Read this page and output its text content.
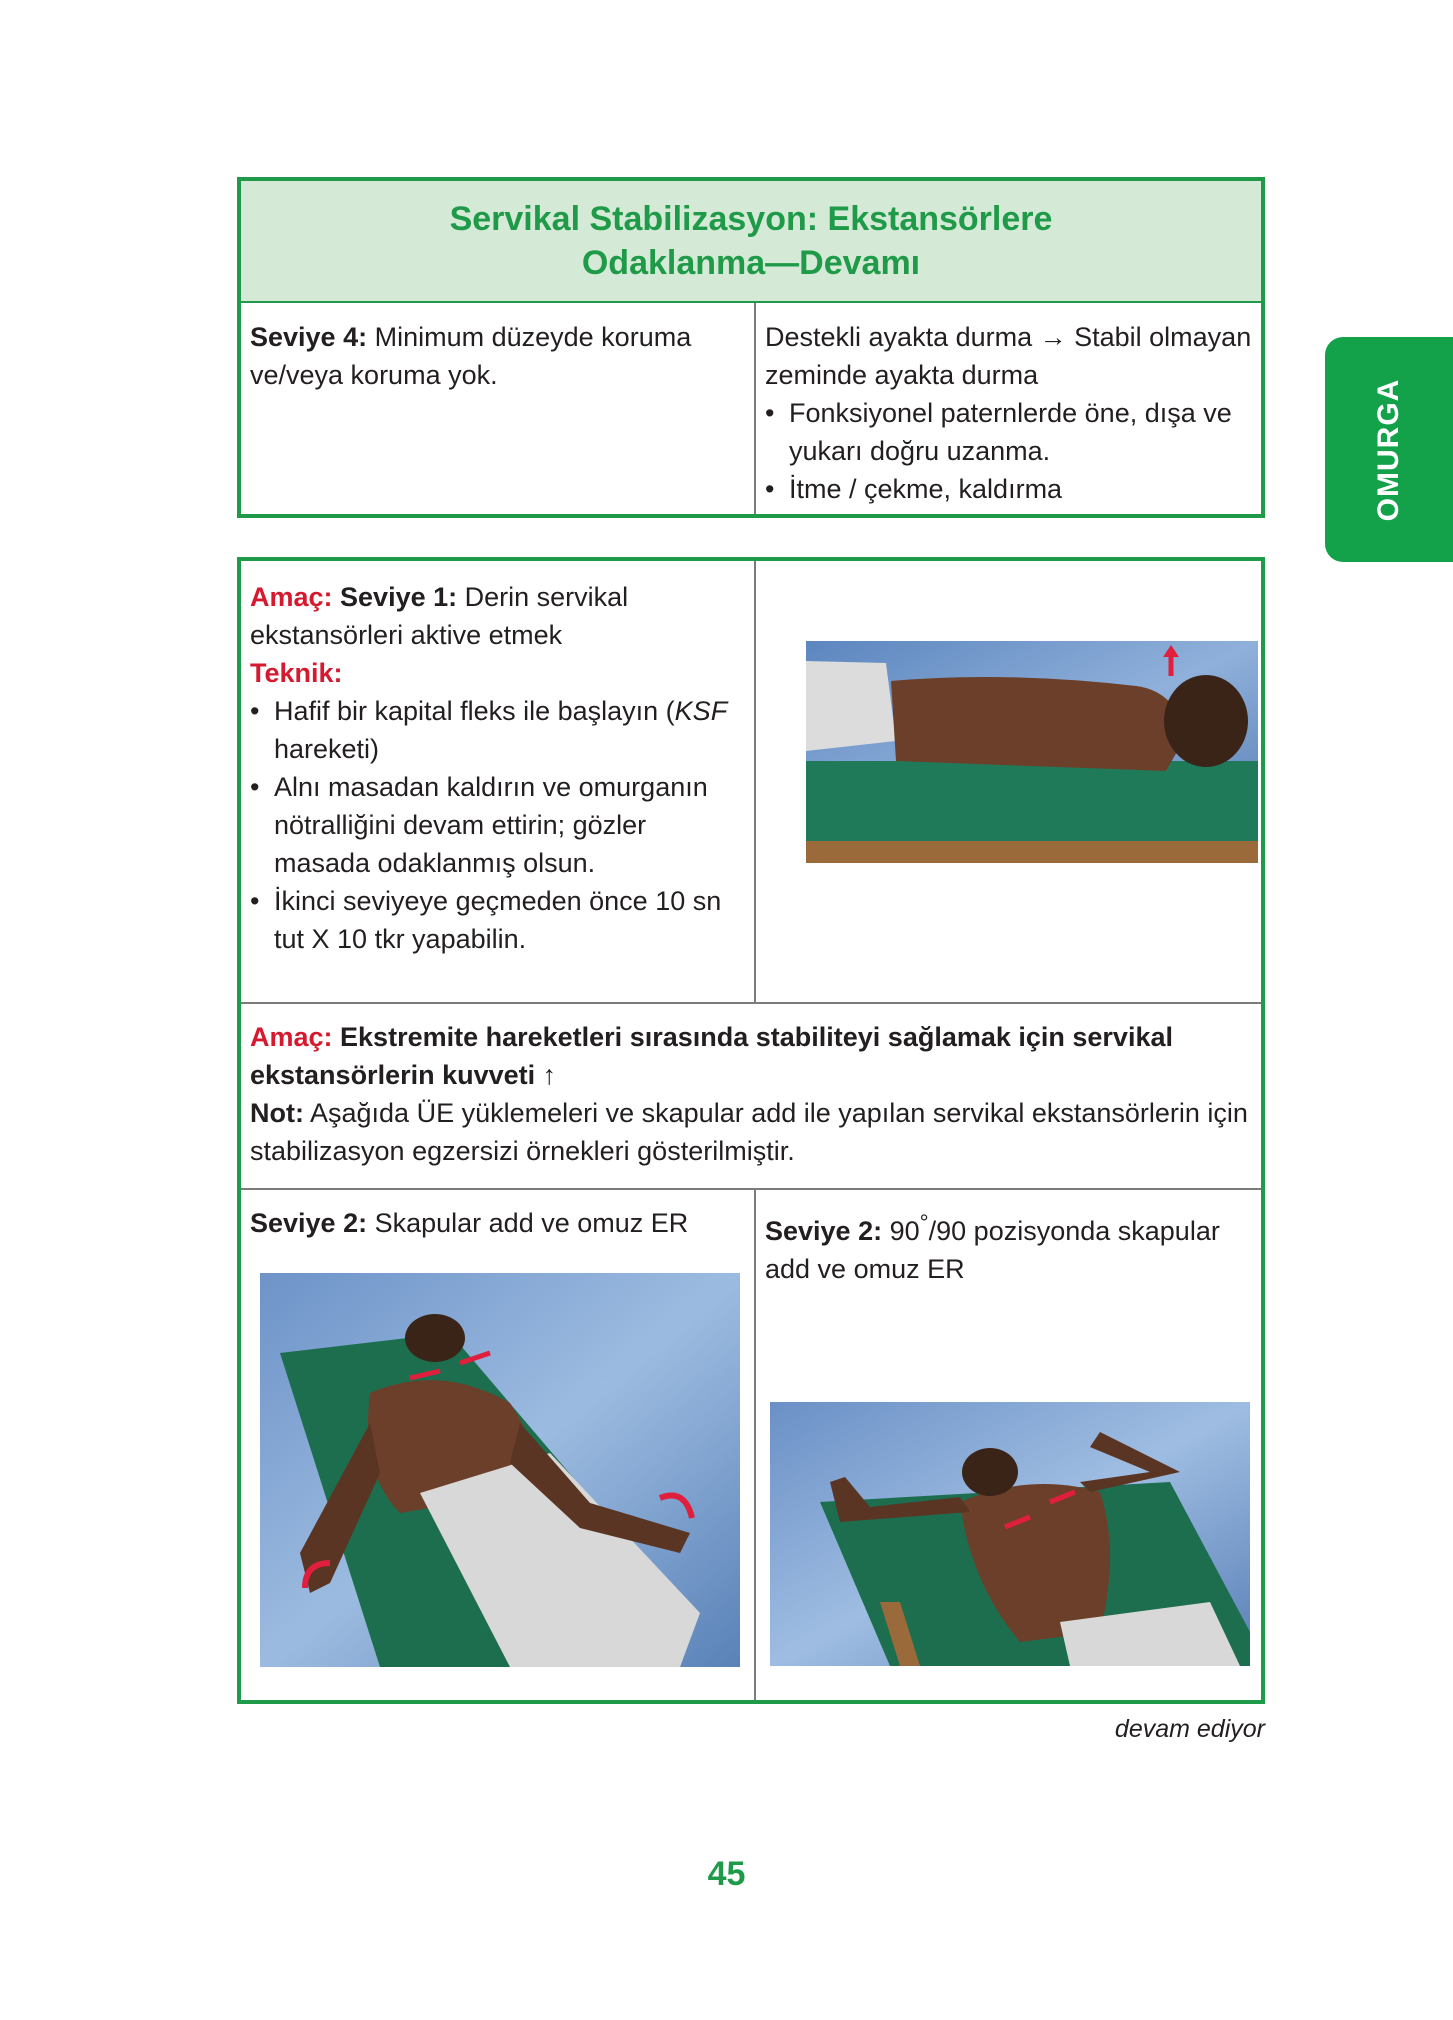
OMURGA
Servikal Stabilizasyon: Ekstansörlere Odaklanma—Devamı
Seviye 4: Minimum düzeyde koruma ve/veya koruma yok.
Destekli ayakta durma → Stabil olmayan zeminde ayakta durma
• Fonksiyonel paternlerde öne, dışa ve yukarı doğru uzanma.
• İtme / çekme, kaldırma
Amaç: Seviye 1: Derin servikal ekstansörleri aktive etmek
Teknik:
• Hafif bir kapital fleks ile başlayın (KSF hareketi)
• Alnı masadan kaldırın ve omurganın nötralliğini devam ettirin; gözler masada odaklanmış olsun.
• İkinci seviyeye geçmeden önce 10 sn tut X 10 tkr yapabilin.
Amaç: Ekstremite hareketleri sırasında stabiliteyi sağlamak için servikal ekstansörlerin kuvveti ↑
Not: Aşağıda ÜE yüklemeleri ve skapular add ile yapılan servikal ekstansörlerin için stabilizasyon egzersizi örnekleri gösterilmiştir.
Seviye 2: Skapular add ve omuz ER	Seviye 2: 90°/90 pozisyonda skapular add ve omuz ER
devam ediyor
45
